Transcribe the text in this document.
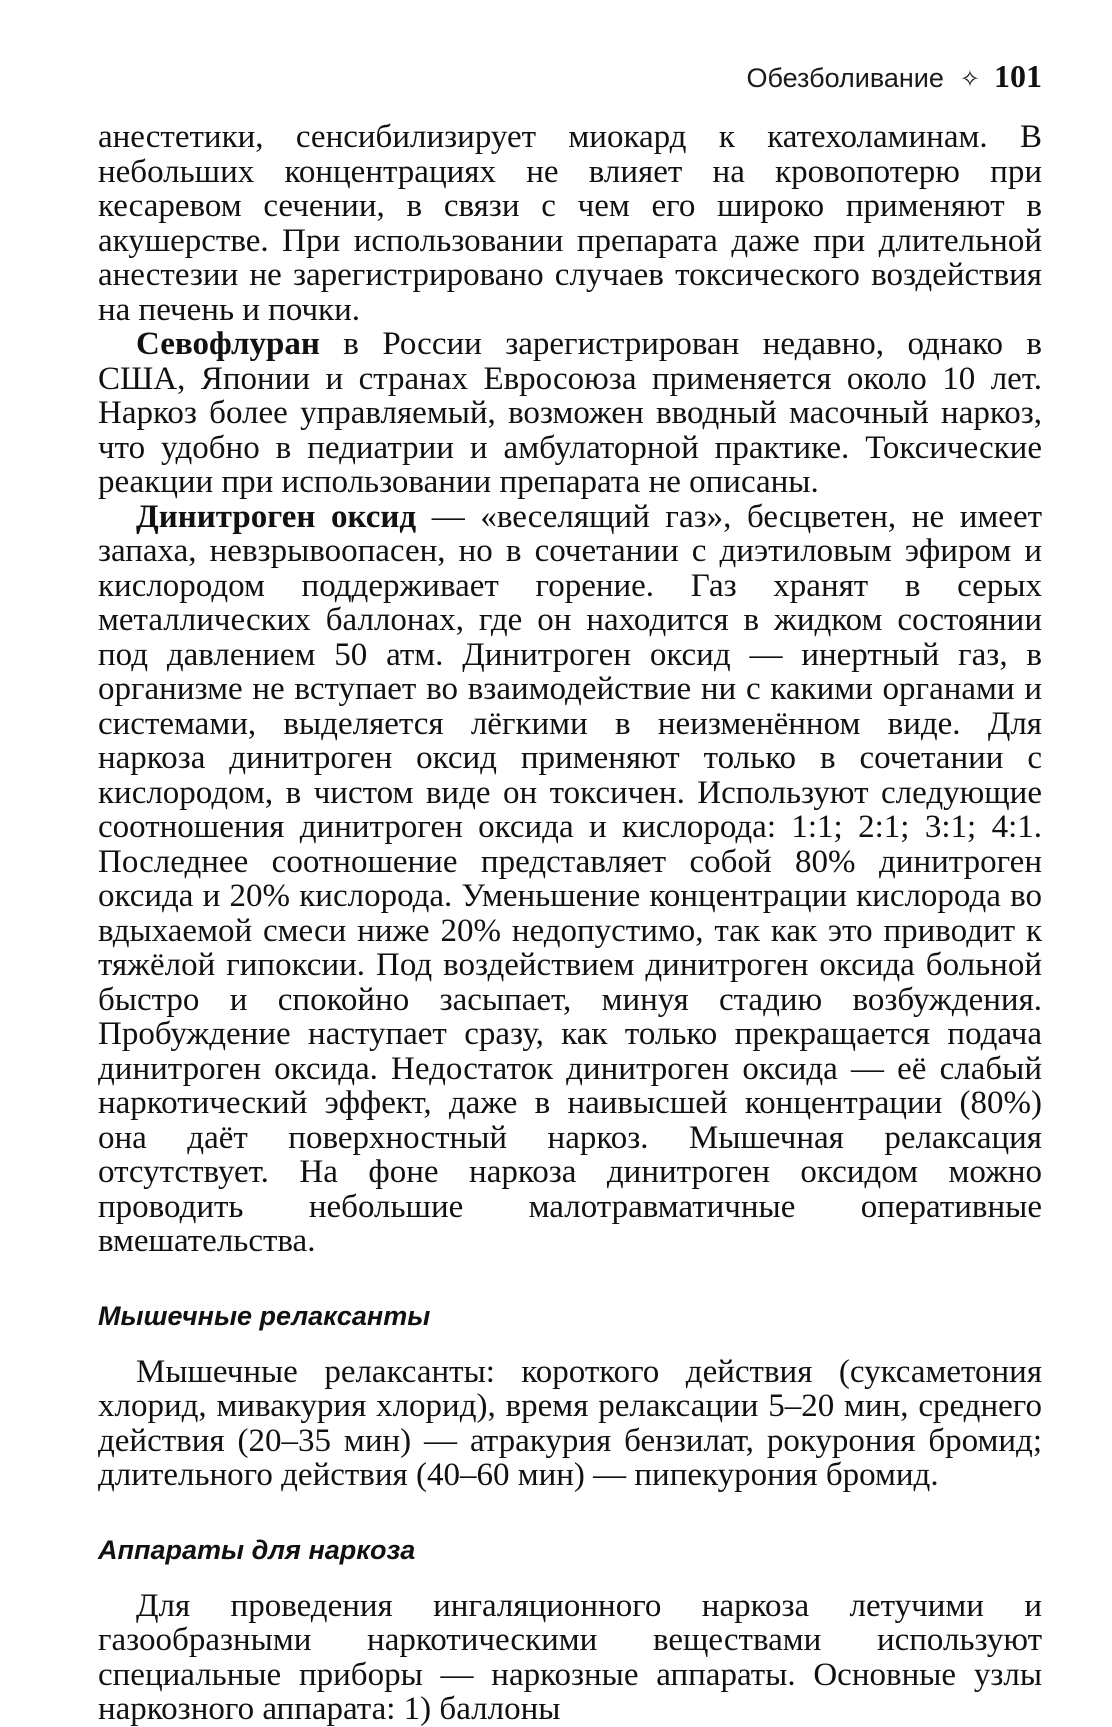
Обезболивание ✧ 101

анестетики, сенсибилизирует миокард к катехоламинам. В небольших концентрациях не влияет на кровопотерю при кесаревом сечении, в связи с чем его широко применяют в акушерстве. При использовании препарата даже при длительной анестезии не зарегистрировано случаев токсического воздействия на печень и почки.

Севофлуран в России зарегистрирован недавно, однако в США, Японии и странах Евросоюза применяется около 10 лет. Наркоз более управляемый, возможен вводный масочный наркоз, что удобно в педиатрии и амбулаторной практике. Токсические реакции при использовании препарата не описаны.

Динитроген оксид — «веселящий газ», бесцветен, не имеет запаха, невзрывоопасен, но в сочетании с диэтиловым эфиром и кислородом поддерживает горение. Газ хранят в серых металлических баллонах, где он находится в жидком состоянии под давлением 50 атм. Динитроген оксид — инертный газ, в организме не вступает во взаимодействие ни с какими органами и системами, выделяется лёгкими в неизменённом виде. Для наркоза динитроген оксид применяют только в сочетании с кислородом, в чистом виде он токсичен. Используют следующие соотношения динитроген оксида и кислорода: 1:1; 2:1; 3:1; 4:1. Последнее соотношение представляет собой 80% динитроген оксида и 20% кислорода. Уменьшение концентрации кислорода во вдыхаемой смеси ниже 20% недопустимо, так как это приводит к тяжёлой гипоксии. Под воздействием динитроген оксида больной быстро и спокойно засыпает, минуя стадию возбуждения. Пробуждение наступает сразу, как только прекращается подача динитроген оксида. Недостаток динитроген оксида — её слабый наркотический эффект, даже в наивысшей концентрации (80%) она даёт поверхностный наркоз. Мышечная релаксация отсутствует. На фоне наркоза динитроген оксидом можно проводить небольшие малотравматичные оперативные вмешательства.

Мышечные релаксанты

Мышечные релаксанты: короткого действия (суксаметония хлорид, мивакурия хлорид), время релаксации 5–20 мин, среднего действия (20–35 мин) — атракурия бензилат, рокурония бромид; длительного действия (40–60 мин) — пипекурония бромид.

Аппараты для наркоза

Для проведения ингаляционного наркоза летучими и газообразными наркотическими веществами используют специальные приборы — наркозные аппараты. Основные узлы наркозного аппарата: 1) баллоны
